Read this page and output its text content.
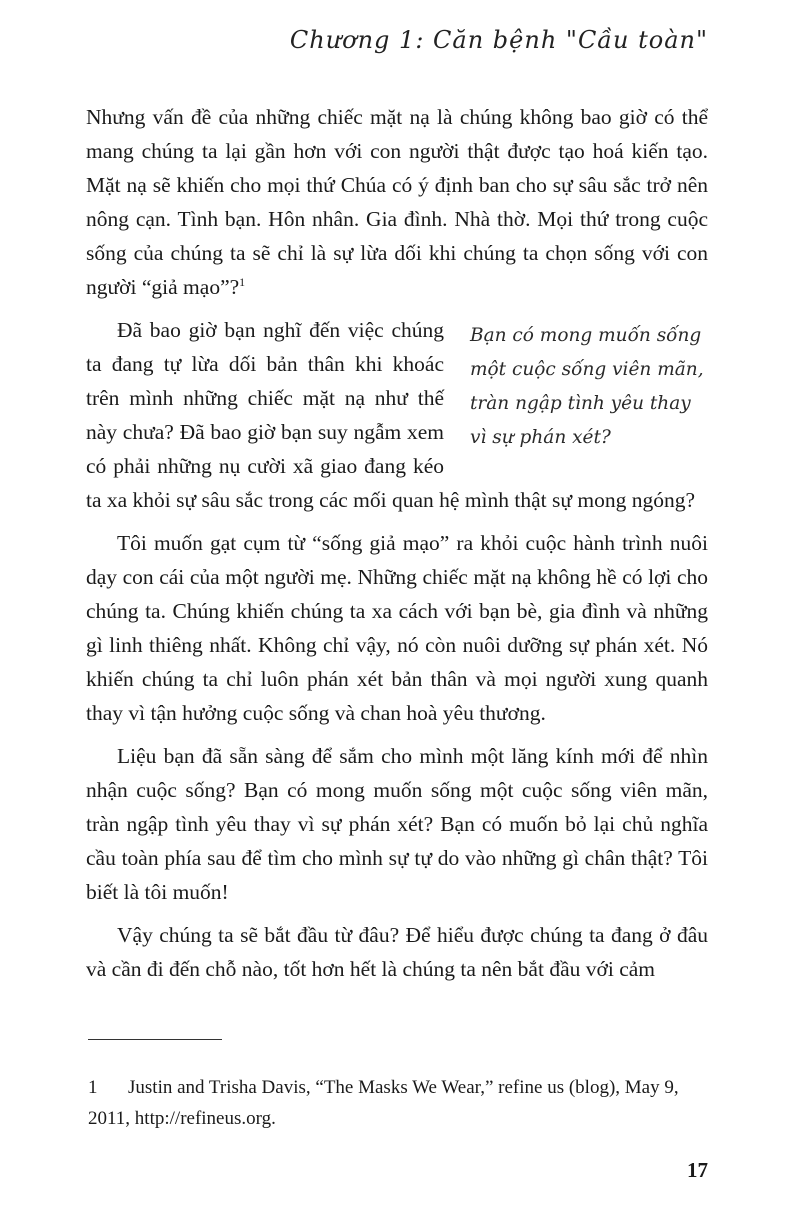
Chương 1: Căn bệnh "Cầu toàn"

Nhưng vấn đề của những chiếc mặt nạ là chúng không bao giờ có thể mang chúng ta lại gần hơn với con người thật được tạo hoá kiến tạo. Mặt nạ sẽ khiến cho mọi thứ Chúa có ý định ban cho sự sâu sắc trở nên nông cạn. Tình bạn. Hôn nhân. Gia đình. Nhà thờ. Mọi thứ trong cuộc sống của chúng ta sẽ chỉ là sự lừa dối khi chúng ta chọn sống với con người “giả mạo”?$^1$

Bạn có mong muốn sống một cuộc sống viên mãn, tràn ngập tình yêu thay vì sự phán xét?

Đã bao giờ bạn nghĩ đến việc chúng ta đang tự lừa dối bản thân khi khoác trên mình những chiếc mặt nạ như thế này chưa? Đã bao giờ bạn suy ngẫm xem có phải những nụ cười xã giao đang kéo ta xa khỏi sự sâu sắc trong các mối quan hệ mình thật sự mong ngóng?

Tôi muốn gạt cụm từ “sống giả mạo” ra khỏi cuộc hành trình nuôi dạy con cái của một người mẹ. Những chiếc mặt nạ không hề có lợi cho chúng ta. Chúng khiến chúng ta xa cách với bạn bè, gia đình và những gì linh thiêng nhất. Không chỉ vậy, nó còn nuôi dưỡng sự phán xét. Nó khiến chúng ta chỉ luôn phán xét bản thân và mọi người xung quanh thay vì tận hưởng cuộc sống và chan hoà yêu thương.

Liệu bạn đã sẵn sàng để sắm cho mình một lăng kính mới để nhìn nhận cuộc sống? Bạn có mong muốn sống một cuộc sống viên mãn, tràn ngập tình yêu thay vì sự phán xét? Bạn có muốn bỏ lại chủ nghĩa cầu toàn phía sau để tìm cho mình sự tự do vào những gì chân thật? Tôi biết là tôi muốn!

Vậy chúng ta sẽ bắt đầu từ đâu? Để hiểu được chúng ta đang ở đâu và cần đi đến chỗ nào, tốt hơn hết là chúng ta nên bắt đầu với cảm

1 Justin and Trisha Davis, “The Masks We Wear,” refine us (blog), May 9, 2011, http://refineus.org.
17
